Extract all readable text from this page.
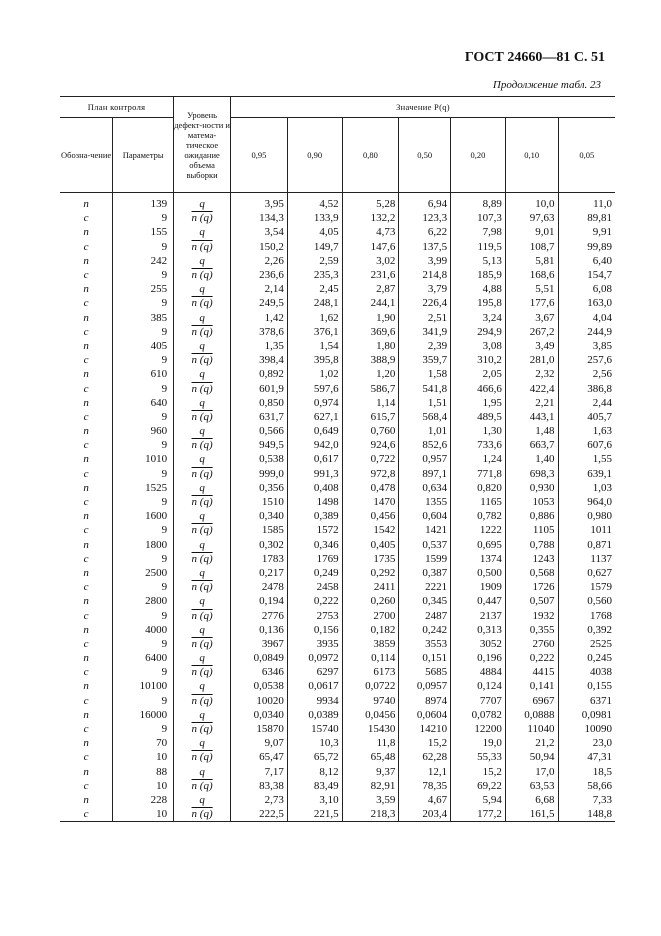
ГОСТ 24660—81 С. 51
Продолжение табл. 23
План контроля		Уровень дефект-ности и матема-тическое ожидание объема выборки	Значение P(q)						
Обозна-чение	Параметры		0,95	0,90	0,80	0,50	0,20	0,10	0,05
n	139	q	3,95	4,52	5,28	6,94	8,89	10,0	11,0
c	9	n (q)	134,3	133,9	132,2	123,3	107,3	97,63	89,81
n	155	q	3,54	4,05	4,73	6,22	7,98	9,01	9,91
c	9	n (q)	150,2	149,7	147,6	137,5	119,5	108,7	99,89
n	242	q	2,26	2,59	3,02	3,99	5,13	5,81	6,40
c	9	n (q)	236,6	235,3	231,6	214,8	185,9	168,6	154,7
n	255	q	2,14	2,45	2,87	3,79	4,88	5,51	6,08
c	9	n (q)	249,5	248,1	244,1	226,4	195,8	177,6	163,0
n	385	q	1,42	1,62	1,90	2,51	3,24	3,67	4,04
c	9	n (q)	378,6	376,1	369,6	341,9	294,9	267,2	244,9
n	405	q	1,35	1,54	1,80	2,39	3,08	3,49	3,85
c	9	n (q)	398,4	395,8	388,9	359,7	310,2	281,0	257,6
n	610	q	0,892	1,02	1,20	1,58	2,05	2,32	2,56
c	9	n (q)	601,9	597,6	586,7	541,8	466,6	422,4	386,8
n	640	q	0,850	0,974	1,14	1,51	1,95	2,21	2,44
c	9	n (q)	631,7	627,1	615,7	568,4	489,5	443,1	405,7
n	960	q	0,566	0,649	0,760	1,01	1,30	1,48	1,63
c	9	n (q)	949,5	942,0	924,6	852,6	733,6	663,7	607,6
n	1010	q	0,538	0,617	0,722	0,957	1,24	1,40	1,55
c	9	n (q)	999,0	991,3	972,8	897,1	771,8	698,3	639,1
n	1525	q	0,356	0,408	0,478	0,634	0,820	0,930	1,03
c	9	n (q)	1510	1498	1470	1355	1165	1053	964,0
n	1600	q	0,340	0,389	0,456	0,604	0,782	0,886	0,980
c	9	n (q)	1585	1572	1542	1421	1222	1105	1011
n	1800	q	0,302	0,346	0,405	0,537	0,695	0,788	0,871
c	9	n (q)	1783	1769	1735	1599	1374	1243	1137
n	2500	q	0,217	0,249	0,292	0,387	0,500	0,568	0,627
c	9	n (q)	2478	2458	2411	2221	1909	1726	1579
n	2800	q	0,194	0,222	0,260	0,345	0,447	0,507	0,560
c	9	n (q)	2776	2753	2700	2487	2137	1932	1768
n	4000	q	0,136	0,156	0,182	0,242	0,313	0,355	0,392
c	9	n (q)	3967	3935	3859	3553	3052	2760	2525
n	6400	q	0,0849	0,0972	0,114	0,151	0,196	0,222	0,245
c	9	n (q)	6346	6297	6173	5685	4884	4415	4038
n	10100	q	0,0538	0,0617	0,0722	0,0957	0,124	0,141	0,155
c	9	n (q)	10020	9934	9740	8974	7707	6967	6371
n	16000	q	0,0340	0,0389	0,0456	0,0604	0,0782	0,0888	0,0981
c	9	n (q)	15870	15740	15430	14210	12200	11040	10090
n	70	q	9,07	10,3	11,8	15,2	19,0	21,2	23,0
c	10	n (q)	65,47	65,72	65,48	62,28	55,33	50,94	47,31
n	88	q	7,17	8,12	9,37	12,1	15,2	17,0	18,5
c	10	n (q)	83,38	83,49	82,91	78,35	69,22	63,53	58,66
n	228	q	2,73	3,10	3,59	4,67	5,94	6,68	7,33
c	10	n (q)	222,5	221,5	218,3	203,4	177,2	161,5	148,8
